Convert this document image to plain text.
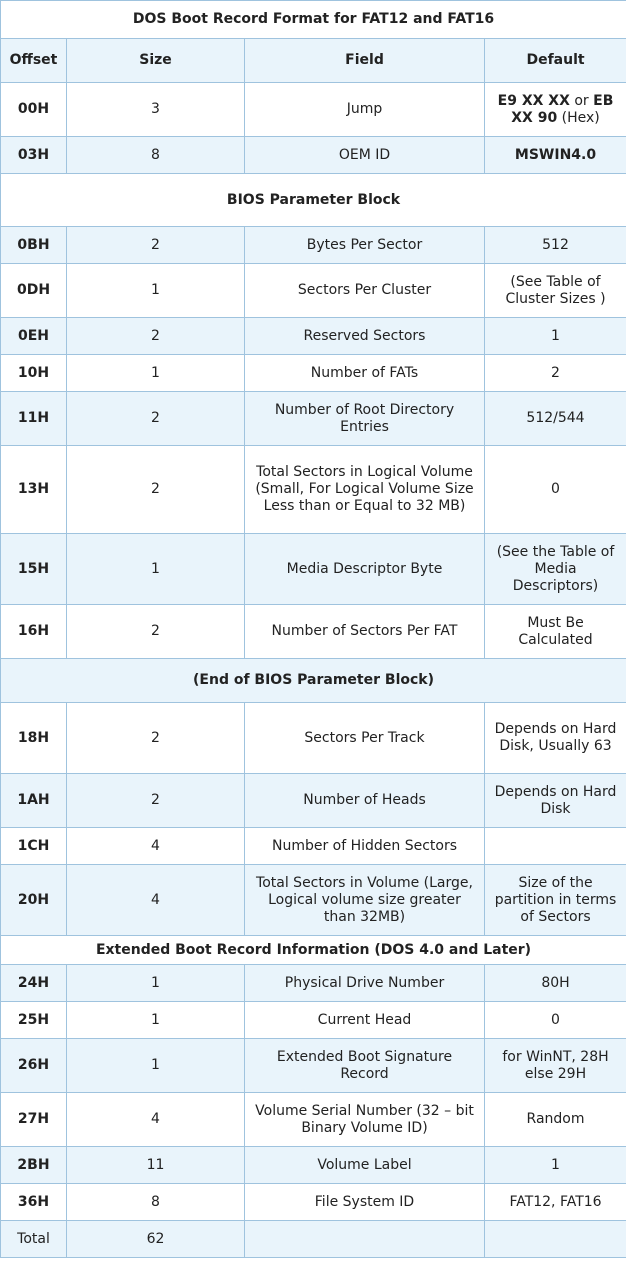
DOS Boot Record Format for FAT12 and FAT16			
Offset	Size	Field	Default
00H	3	Jump	E9 XX XX or EB XX 90 (Hex)
03H	8	OEM ID	MSWIN4.0
BIOS Parameter Block			
0BH	2	Bytes Per Sector	512
0DH	1	Sectors Per Cluster	(See Table of Cluster Sizes )
0EH	2	Reserved Sectors	1
10H	1	Number of FATs	2
11H	2	Number of Root Directory Entries	512/544
13H	2	Total Sectors in Logical Volume (Small, For Logical Volume Size Less than or Equal to 32 MB)	0
15H	1	Media Descriptor Byte	(See the Table of Media Descriptors)
16H	2	Number of Sectors Per FAT	Must Be Calculated
(End of BIOS Parameter Block)			
18H	2	Sectors Per Track	Depends on Hard Disk, Usually 63
1AH	2	Number of Heads	Depends on Hard Disk
1CH	4	Number of Hidden Sectors	
20H	4	Total Sectors in Volume (Large, Logical volume size greater than 32MB)	Size of the partition in terms of Sectors
Extended Boot Record Information (DOS 4.0 and Later)			
24H	1	Physical Drive Number	80H
25H	1	Current Head	0
26H	1	Extended Boot Signature Record	for WinNT, 28H else 29H
27H	4	Volume Serial Number (32 – bit Binary Volume ID)	Random
2BH	11	Volume Label	1
36H	8	File System ID	FAT12, FAT16
Total	62		
